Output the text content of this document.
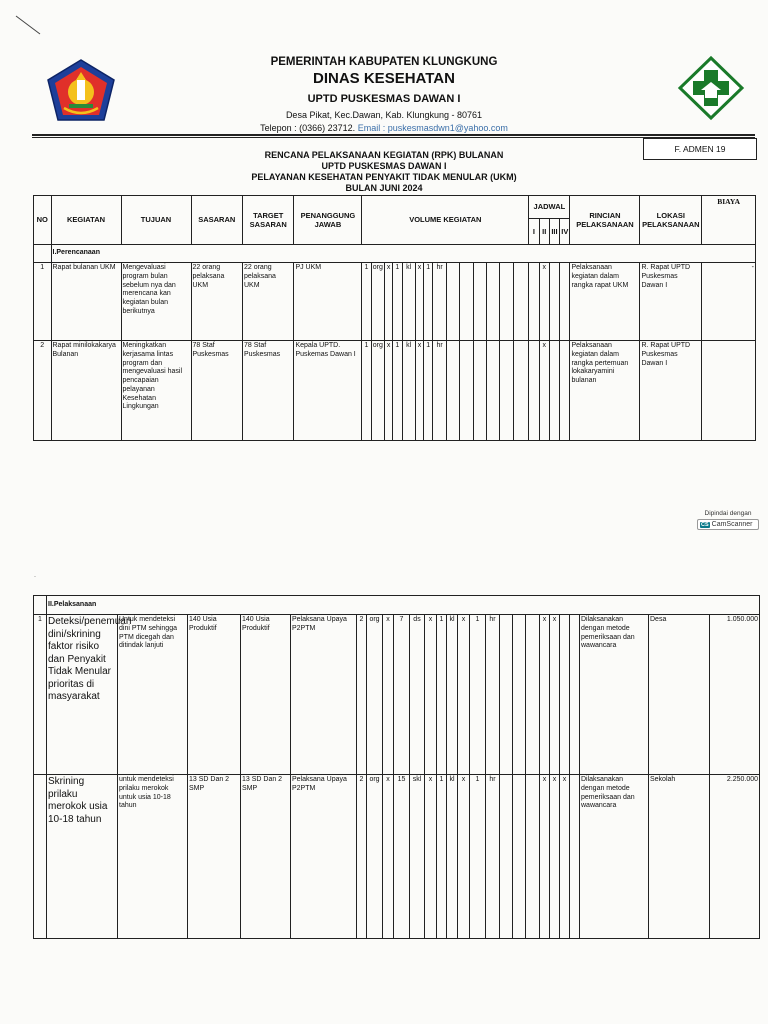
PEMERINTAH KABUPATEN KLUNGKUNG
DINAS KESEHATAN
UPTD PUSKESMAS DAWAN I
Desa Pikat, Kec.Dawan, Kab. Klungkung - 80761
Telepon : (0366) 23712. Email : puskesmasdwn1@yahoo.com
F. ADMEN 19
RENCANA PELAKSANAAN KEGIATAN (RPK) BULANAN
UPTD PUSKESMAS DAWAN I
PELAYANAN KESEHATAN PENYAKIT TIDAK MENULAR (UKM)
BULAN JUNI 2024
NO	KEGIATAN	TUJUAN	SASARAN	TARGET SASARAN	PENANGGUNG JAWAB	VOLUME KEGIATAN														JADWAL				RINCIAN PELAKSANAAN	LOKASI PELAKSANAAN	BIAYA
																				I	II	III	IV			
	I.Perencanaan																									
1	Rapat bulanan UKM	Mengevaluasi program bulan sebelum nya dan merencana kan kegiatan bulan berikutnya	22 orang pelaksana UKM	22 orang pelaksana UKM	PJ UKM	1	org	x	1	kl	x	1	hr								x			Pelaksanaan kegiatan dalam rangka rapat UKM	R. Rapat UPTD Puskesmas Dawan I	-
2	Rapat minilokakarya Bulanan	Meningkatkan kerjasama lintas program dan mengevaluasi hasil pencapaian pelayanan Kesehatan Lingkungan	78 Staf Puskesmas	78 Staf Puskesmas	Kepala UPTD. Puskemas Dawan I	1	org	x	1	kl	x	1	hr								x			Pelaksanaan kegiatan dalam rangka pertemuan lokakaryamini bulanan	R. Rapat UPTD Puskesmas Dawan I	
Dipindai dengan
CS CamScanner
·
	II.Pelaksanaan																									
1	Deteksi/penemuan dini/skrining faktor risiko dan Penyakit Tidak Menular prioritas di masyarakat	Untuk mendeteksi dini PTM sehingga PTM dicegah dan ditindak lanjuti	140 Usia Produktif	140 Usia Produktif	Pelaksana Upaya P2PTM	2	org	x	7	ds	x	1	kl	x	1	hr				x	x			Dilaksanakan dengan metode pemeriksaan dan wawancara	Desa	1.050.000
	Skrining prilaku merokok usia 10-18 tahun	untuk mendeteksi prilaku merokok untuk usia 10-18 tahun	13 SD Dan 2 SMP	13 SD Dan 2 SMP	Pelaksana Upaya P2PTM	2	org	x	15	skl	x	1	kl	x	1	hr				x	x	x		Dilaksanakan dengan metode pemeriksaan dan wawancara	Sekolah	2.250.000
